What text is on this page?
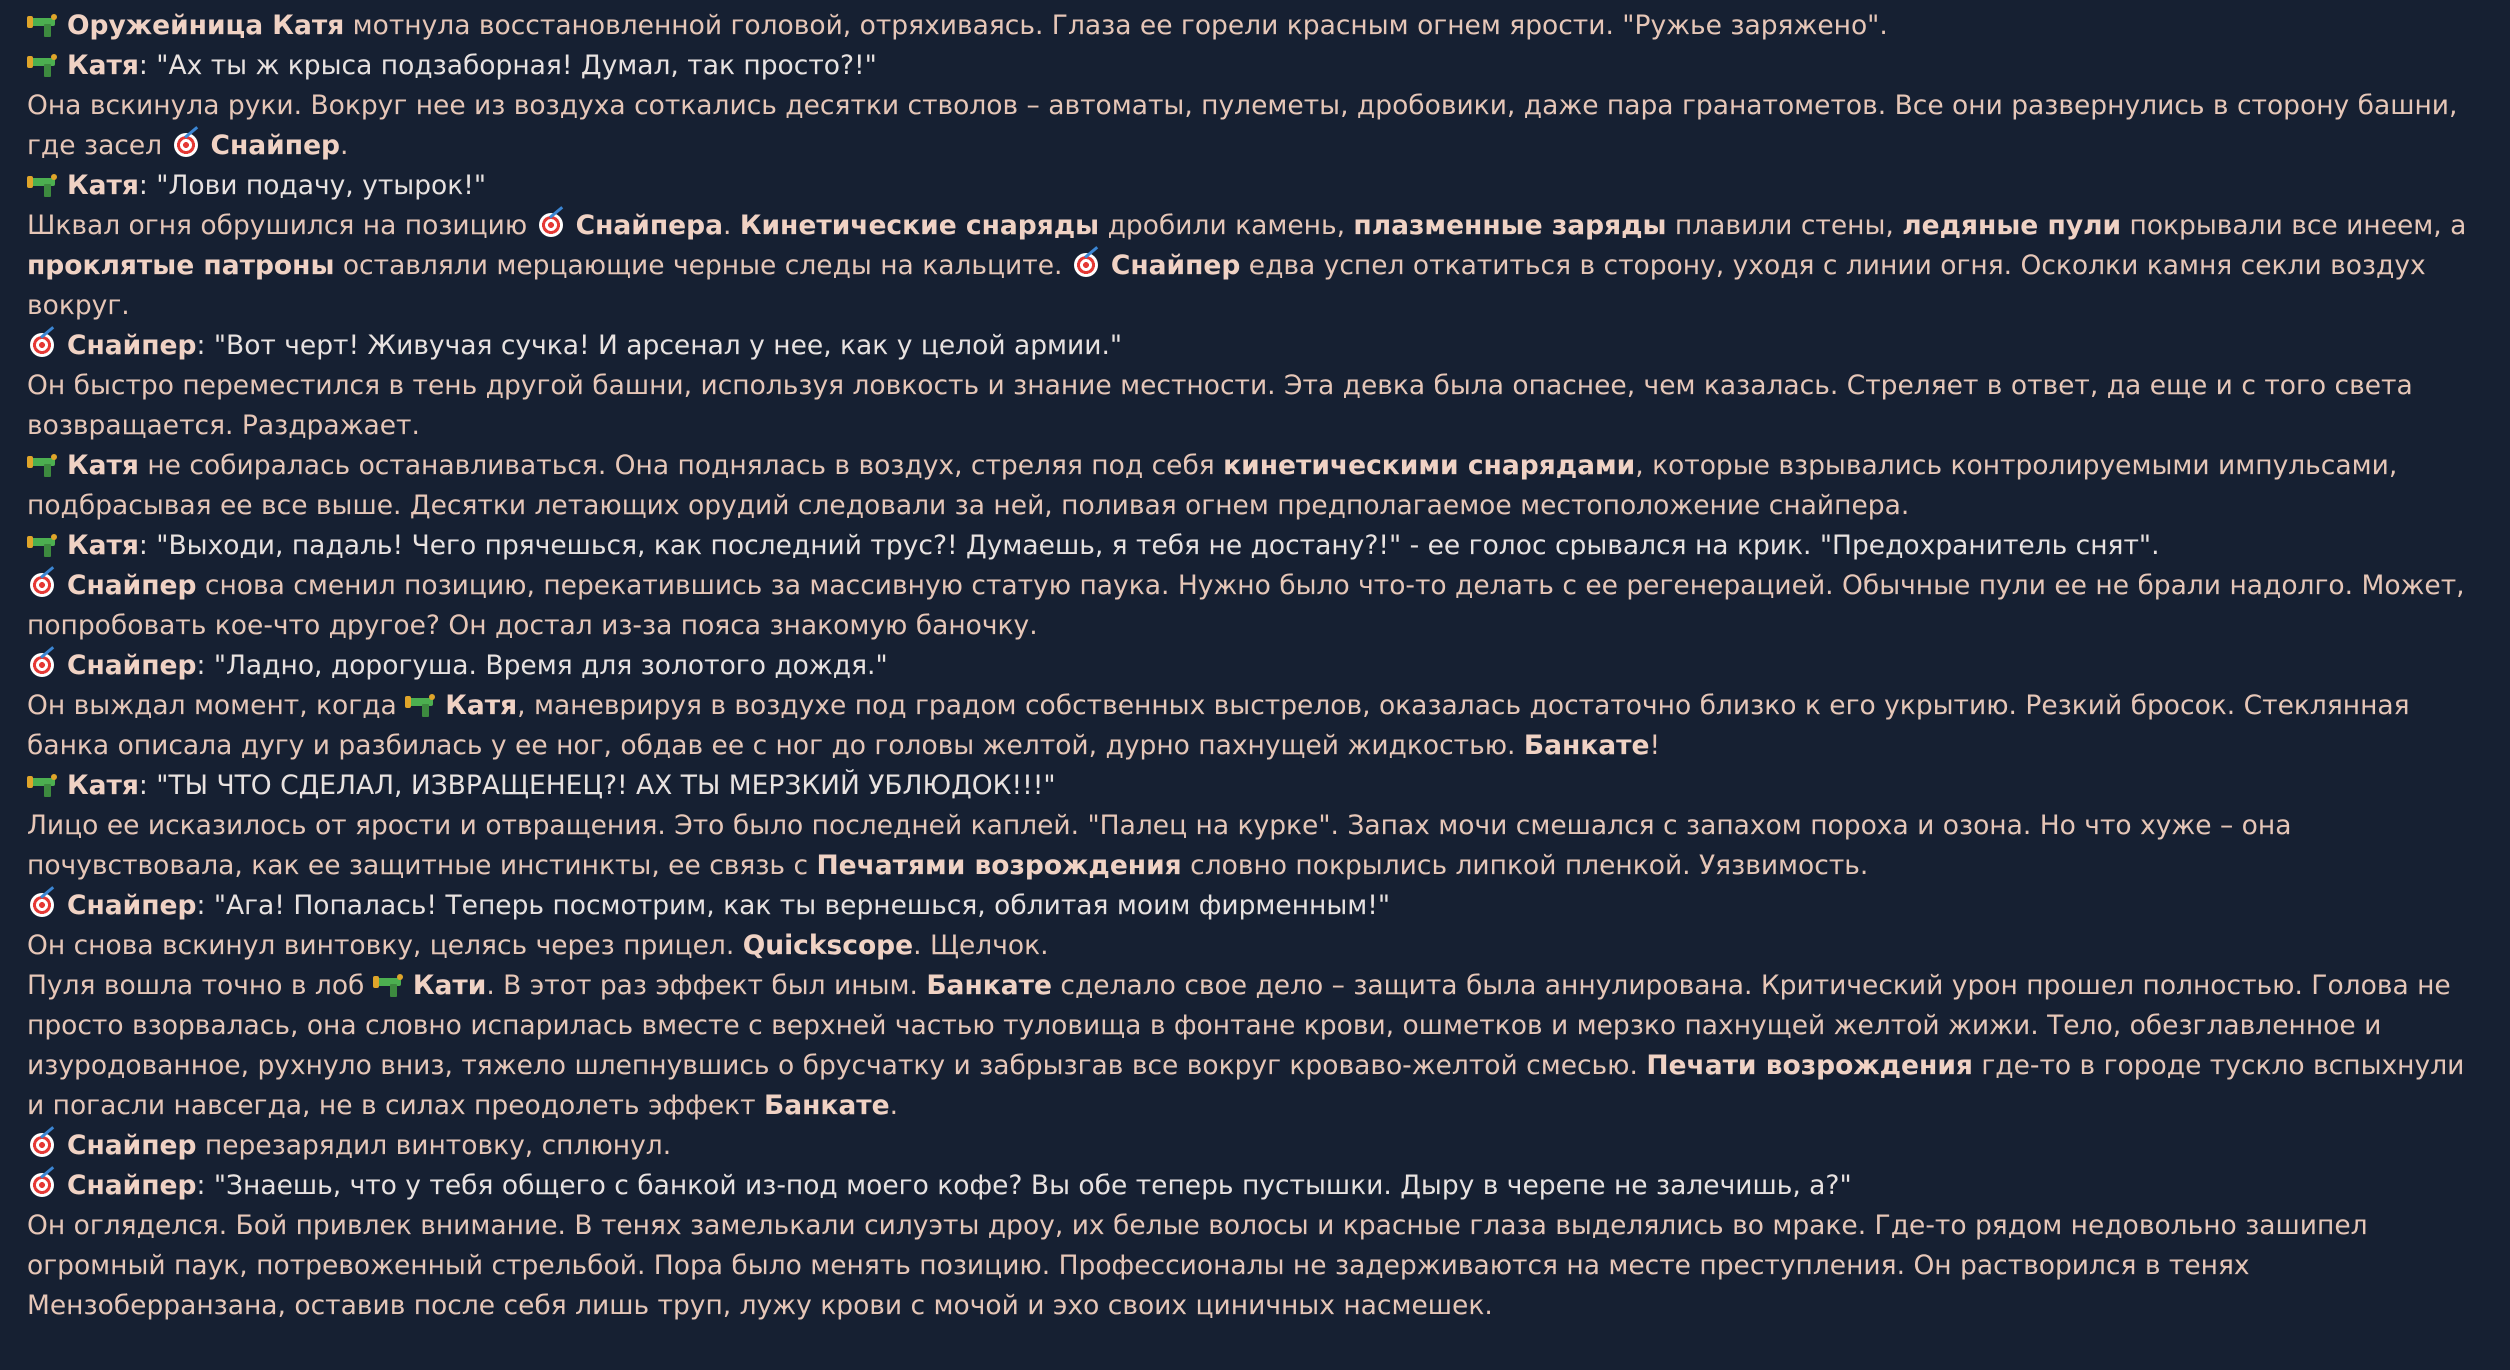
Оружейница Катя мотнула восстановленной головой, отряхиваясь. Глаза ее горели красным огнем ярости. "Ружье заряжено".

Катя: "Ах ты ж крыса подзаборная! Думал, так просто?!"

Она вскинула руки. Вокруг нее из воздуха соткались десятки стволов – автоматы, пулеметы, дробовики, даже пара гранатометов. Все они развернулись в сторону башни, где засел
Снайпер.

Катя: "Лови подачу, утырок!"

Шквал огня обрушился на позицию
Снайпера. Кинетические снаряды дробили камень, плазменные заряды плавили стены, ледяные пули покрывали все инеем, а проклятые патроны оставляли мерцающие черные следы на кальците.
Снайпер едва успел откатиться в сторону, уходя с линии огня. Осколки камня секли воздух вокруг.

Снайпер: "Вот черт! Живучая сучка! И арсенал у нее, как у целой армии."

Он быстро переместился в тень другой башни, используя ловкость и знание местности. Эта девка была опаснее, чем казалась. Стреляет в ответ, да еще и с того света возвращается. Раздражает.

Катя не собиралась останавливаться. Она поднялась в воздух, стреляя под себя кинетическими снарядами, которые взрывались контролируемыми импульсами, подбрасывая ее все выше. Десятки летающих орудий следовали за ней, поливая огнем предполагаемое местоположение снайпера.

Катя: "Выходи, падаль! Чего прячешься, как последний трус?! Думаешь, я тебя не достану?!" - ее голос срывался на крик. "Предохранитель снят".

Снайпер снова сменил позицию, перекатившись за массивную статую паука. Нужно было что-то делать с ее регенерацией. Обычные пули ее не брали надолго. Может, попробовать кое-что другое? Он достал из-за пояса знакомую баночку.

Снайпер: "Ладно, дорогуша. Время для золотого дождя."

Он выждал момент, когда
Катя, маневрируя в воздухе под градом собственных выстрелов, оказалась достаточно близко к его укрытию. Резкий бросок. Стеклянная банка описала дугу и разбилась у ее ног, обдав ее с ног до головы желтой, дурно пахнущей жидкостью. Банкате!

Катя: "ТЫ ЧТО СДЕЛАЛ, ИЗВРАЩЕНЕЦ?! АХ ТЫ МЕРЗКИЙ УБЛЮДОК!!!"

Лицо ее исказилось от ярости и отвращения. Это было последней каплей. "Палец на курке". Запах мочи смешался с запахом пороха и озона. Но что хуже – она почувствовала, как ее защитные инстинкты, ее связь с Печатями возрождения словно покрылись липкой пленкой. Уязвимость.

Снайпер: "Ага! Попалась! Теперь посмотрим, как ты вернешься, облитая моим фирменным!"

Он снова вскинул винтовку, целясь через прицел. Quickscope. Щелчок.

Пуля вошла точно в лоб
Кати. В этот раз эффект был иным. Банкате сделало свое дело – защита была аннулирована. Критический урон прошел полностью. Голова не просто взорвалась, она словно испарилась вместе с верхней частью туловища в фонтане крови, ошметков и мерзко пахнущей желтой жижи. Тело, обезглавленное и изуродованное, рухнуло вниз, тяжело шлепнувшись о брусчатку и забрызгав все вокруг кроваво-желтой смесью. Печати возрождения где-то в городе тускло вспыхнули и погасли навсегда, не в силах преодолеть эффект Банкате.

Снайпер перезарядил винтовку, сплюнул.

Снайпер: "Знаешь, что у тебя общего с банкой из-под моего кофе? Вы обе теперь пустышки. Дыру в черепе не залечишь, а?"

Он огляделся. Бой привлек внимание. В тенях замелькали силуэты дроу, их белые волосы и красные глаза выделялись во мраке. Где-то рядом недовольно зашипел огромный паук, потревоженный стрельбой. Пора было менять позицию. Профессионалы не задерживаются на месте преступления. Он растворился в тенях Мензоберранзана, оставив после себя лишь труп, лужу крови с мочой и эхо своих циничных насмешек.
